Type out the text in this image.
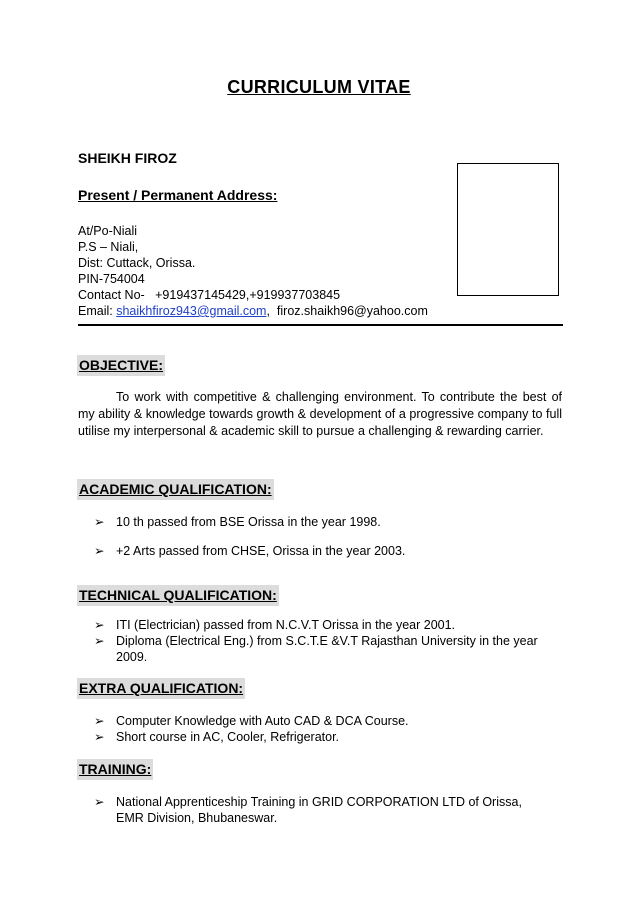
CURRICULUM VITAE
SHEIKH FIROZ
Present / Permanent Address:
At/Po-Niali
P.S – Niali,
Dist: Cuttack, Orissa.
PIN-754004
Contact No- +919437145429,+919937703845
Email: shaikhfiroz943@gmail.com, firoz.shaikh96@yahoo.com
OBJECTIVE:
To work with competitive & challenging environment. To contribute the best of my ability & knowledge towards growth & development of a progressive company to full utilise my interpersonal & academic skill to pursue a challenging & rewarding carrier.
ACADEMIC QUALIFICATION:
➢ 10 th passed from BSE Orissa in the year 1998.
➢ +2 Arts passed from CHSE, Orissa in the year 2003.
TECHNICAL QUALIFICATION:
➢ ITI (Electrician) passed from N.C.V.T Orissa in the year 2001.
➢ Diploma (Electrical Eng.) from S.C.T.E &V.T Rajasthan University in the year 2009.
EXTRA QUALIFICATION:
➢ Computer Knowledge with Auto CAD & DCA Course.
➢ Short course in AC, Cooler, Refrigerator.
TRAINING:
➢ National Apprenticeship Training in GRID CORPORATION LTD of Orissa, EMR Division, Bhubaneswar.
